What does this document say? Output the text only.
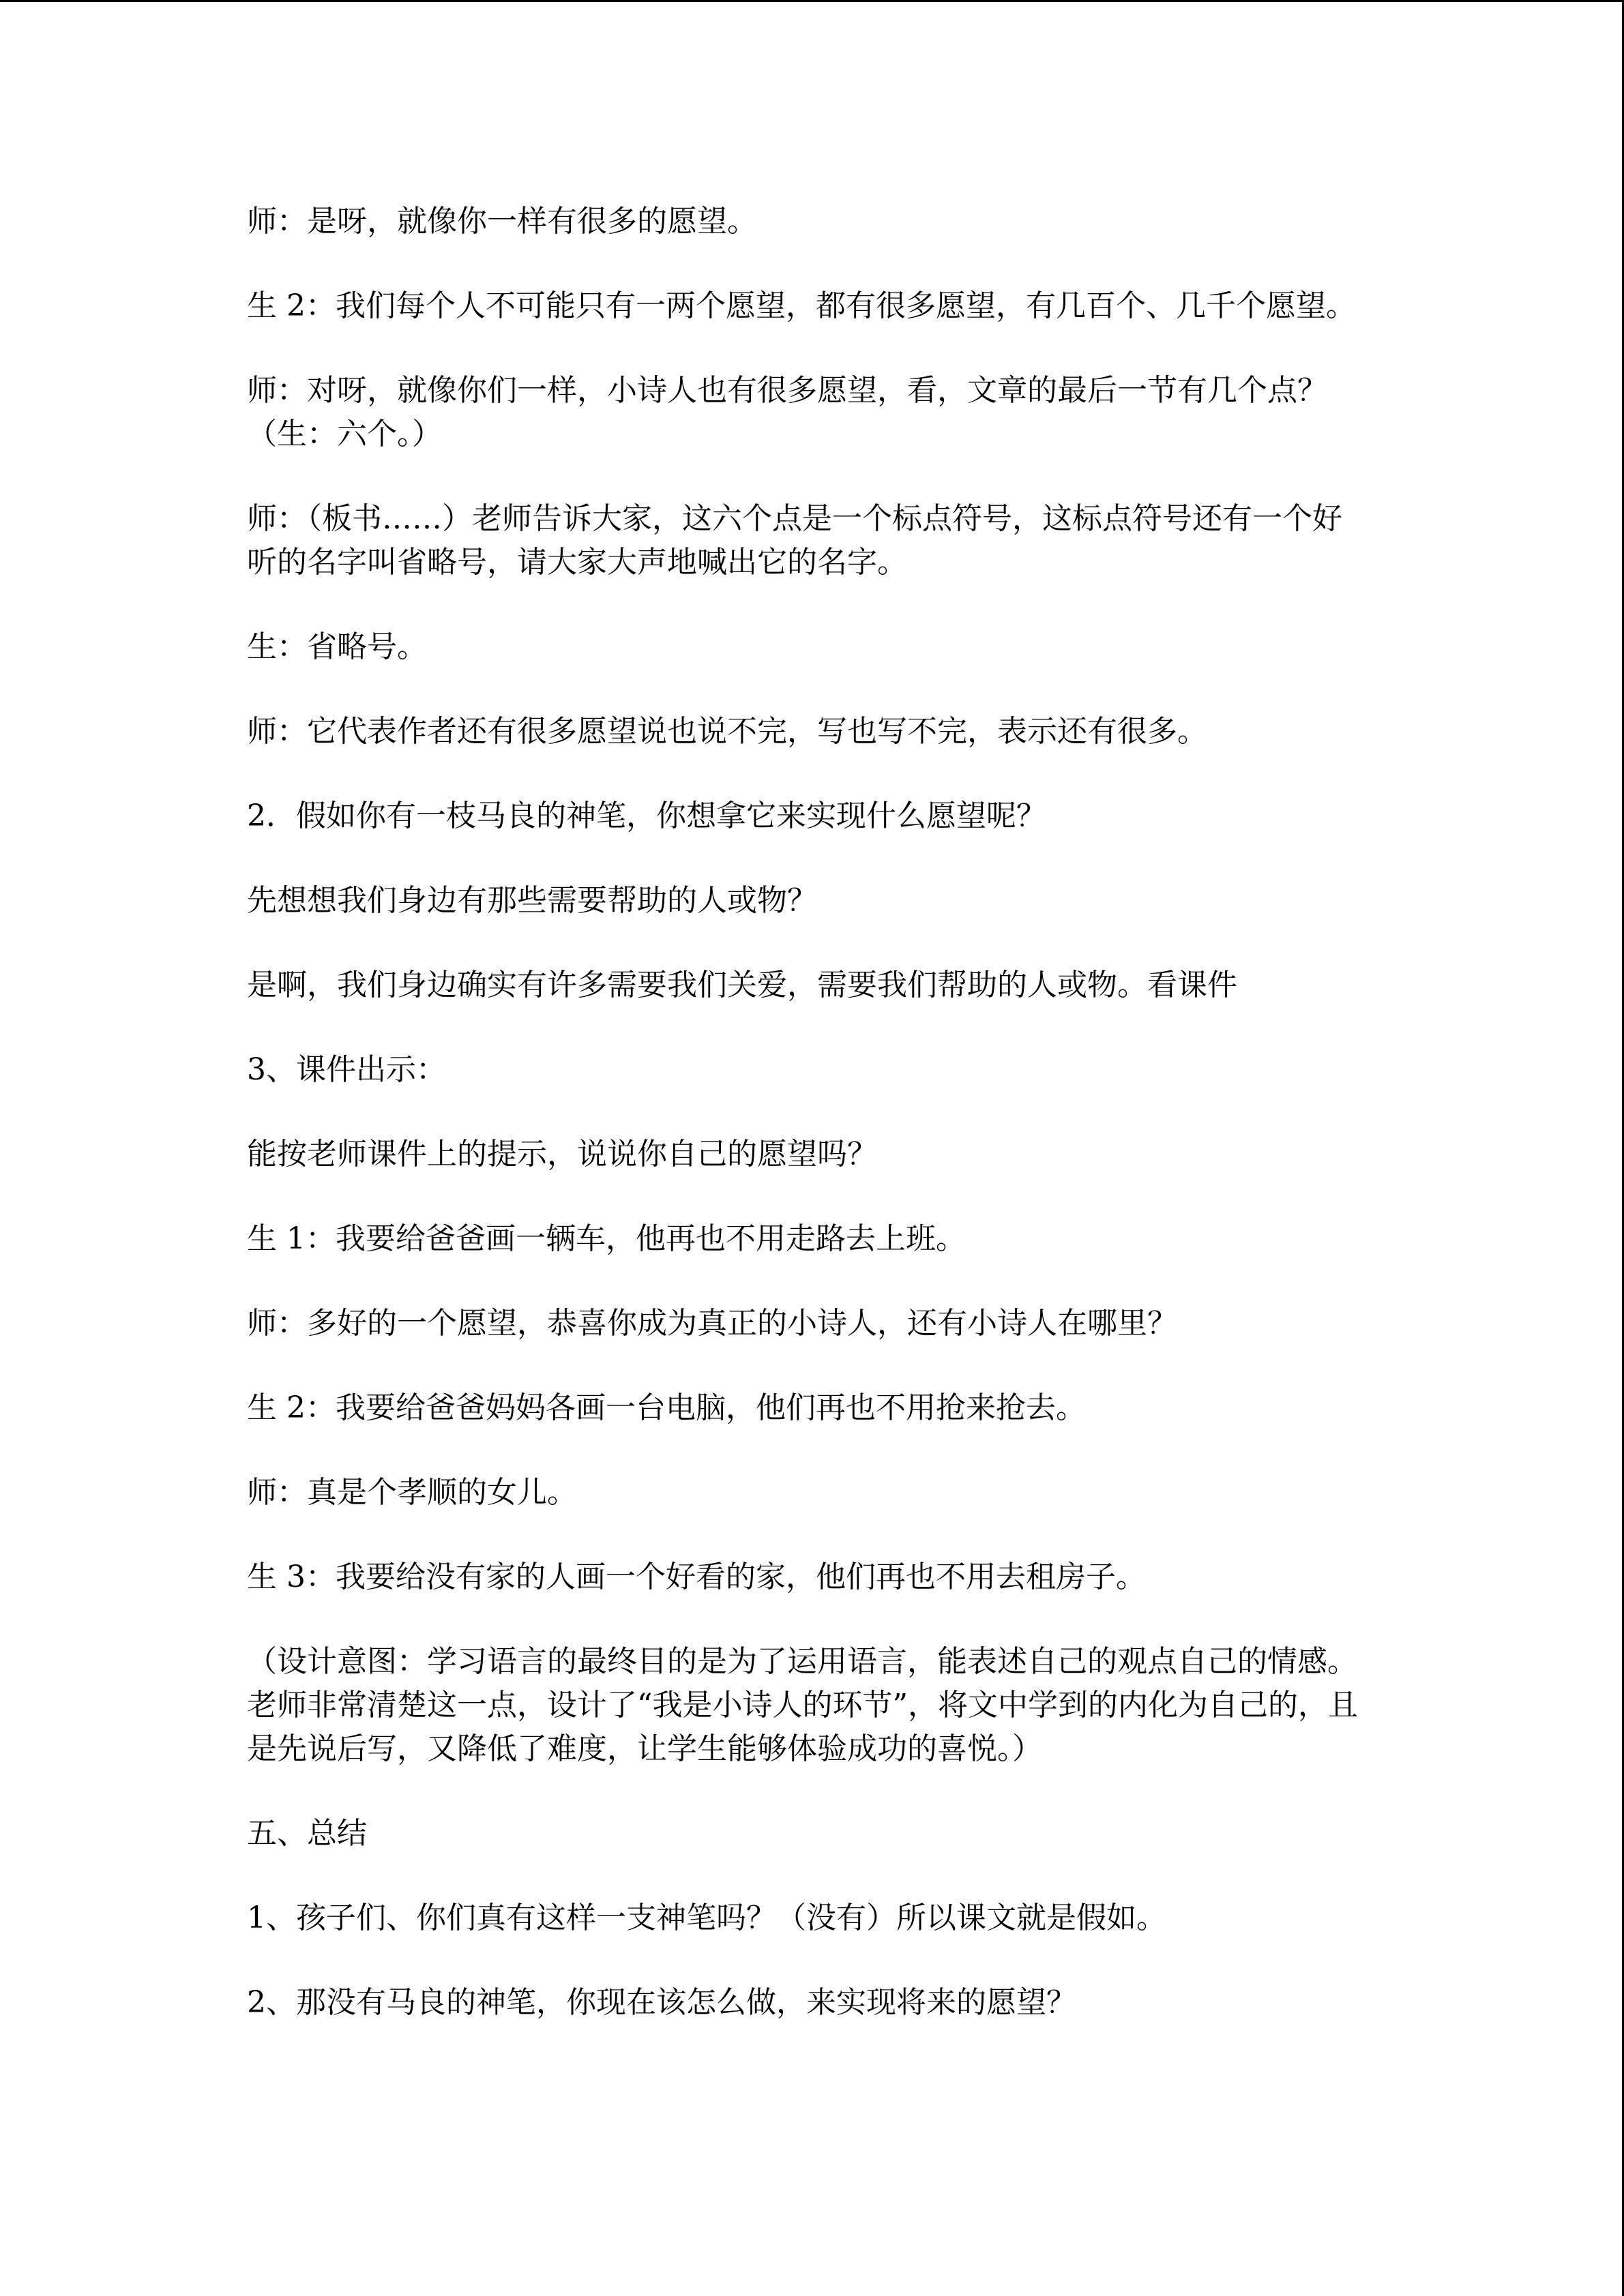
师：是呀，就像你一样有很多的愿望。

生 2：我们每个人不可能只有一两个愿望，都有很多愿望，有几百个、几千个愿望。

师：对呀，就像你们一样，小诗人也有很多愿望，看，文章的最后一节有几个点？（生：六个。）

师：（板书……）老师告诉大家，这六个点是一个标点符号，这标点符号还有一个好听的名字叫省略号，请大家大声地喊出它的名字。

生：省略号。

师：它代表作者还有很多愿望说也说不完，写也写不完，表示还有很多。

2．假如你有一枝马良的神笔，你想拿它来实现什么愿望呢？

先想想我们身边有那些需要帮助的人或物？

是啊，我们身边确实有许多需要我们关爱，需要我们帮助的人或物。看课件

3、课件出示：

能按老师课件上的提示，说说你自己的愿望吗？

生 1：我要给爸爸画一辆车，他再也不用走路去上班。

师：多好的一个愿望，恭喜你成为真正的小诗人，还有小诗人在哪里？

生 2：我要给爸爸妈妈各画一台电脑，他们再也不用抢来抢去。

师：真是个孝顺的女儿。

生 3：我要给没有家的人画一个好看的家，他们再也不用去租房子。

（设计意图：学习语言的最终目的是为了运用语言，能表述自己的观点自己的情感。老师非常清楚这一点，设计了“我是小诗人的环节”，将文中学到的内化为自己的，且是先说后写，又降低了难度，让学生能够体验成功的喜悦。）

五、总结

1、孩子们、你们真有这样一支神笔吗？（没有）所以课文就是假如。

2、那没有马良的神笔，你现在该怎么做，来实现将来的愿望？
